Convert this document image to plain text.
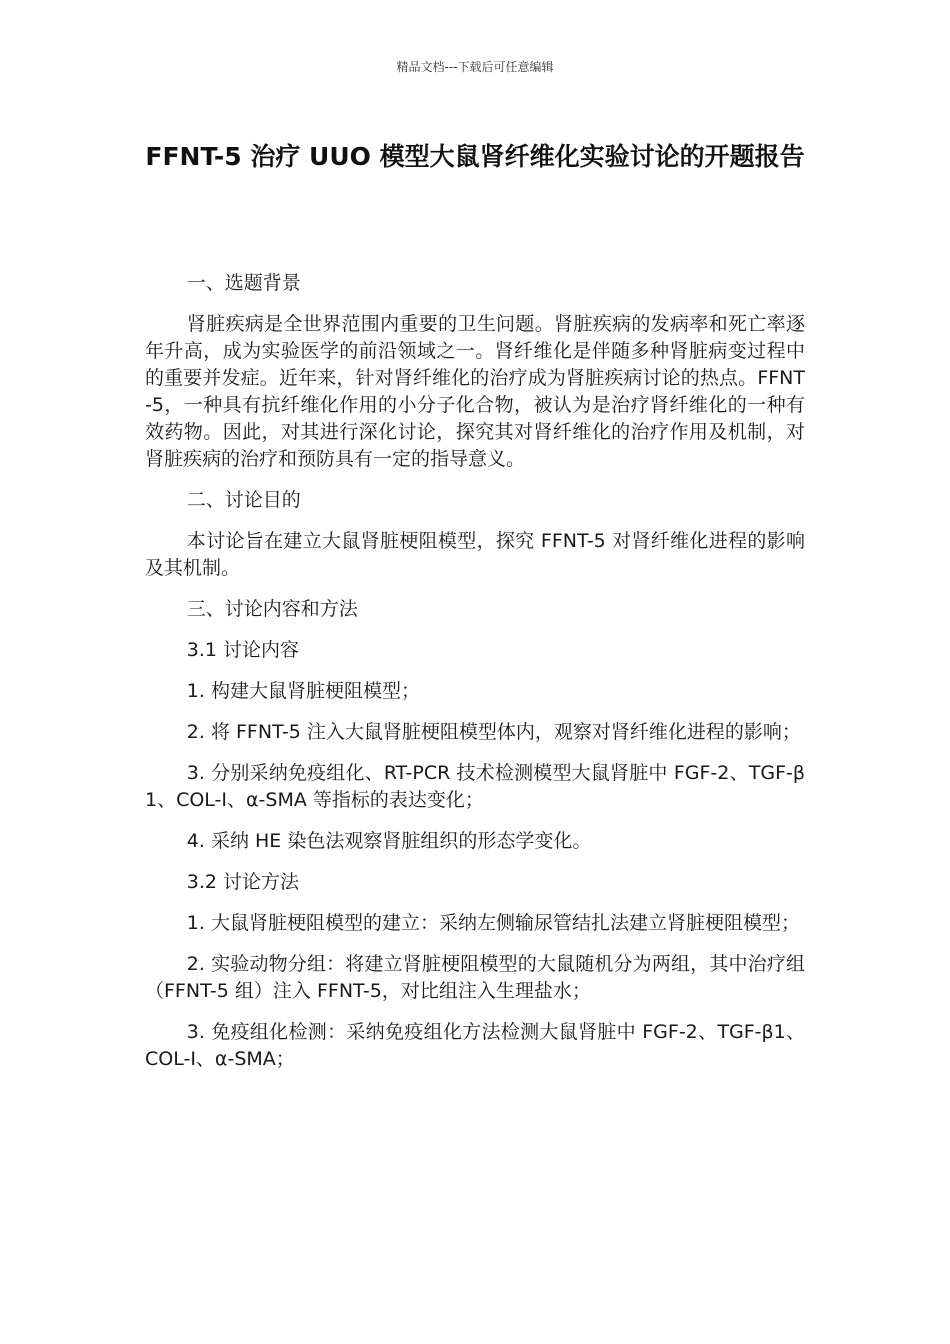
精品文档---下载后可任意编辑
FFNT-5 治疗 UUO 模型大鼠肾纤维化实验讨论的开题报告

一、选题背景

肾脏疾病是全世界范围内重要的卫生问题。肾脏疾病的发病率和死亡率逐年升高，成为实验医学的前沿领域之一。肾纤维化是伴随多种肾脏病变过程中的重要并发症。近年来，针对肾纤维化的治疗成为肾脏疾病讨论的热点。FFNT-5，一种具有抗纤维化作用的小分子化合物，被认为是治疗肾纤维化的一种有效药物。因此，对其进行深化讨论，探究其对肾纤维化的治疗作用及机制，对肾脏疾病的治疗和预防具有一定的指导意义。

二、讨论目的

本讨论旨在建立大鼠肾脏梗阻模型，探究 FFNT-5 对肾纤维化进程的影响及其机制。

三、讨论内容和方法

3.1 讨论内容

1. 构建大鼠肾脏梗阻模型；

2. 将 FFNT-5 注入大鼠肾脏梗阻模型体内，观察对肾纤维化进程的影响；

3. 分别采纳免疫组化、RT-PCR 技术检测模型大鼠肾脏中 FGF-2、TGF-β1、COL-I、α-SMA 等指标的表达变化；

4. 采纳 HE 染色法观察肾脏组织的形态学变化。

3.2 讨论方法

1. 大鼠肾脏梗阻模型的建立：采纳左侧输尿管结扎法建立肾脏梗阻模型；

2. 实验动物分组：将建立肾脏梗阻模型的大鼠随机分为两组，其中治疗组（FFNT-5 组）注入 FFNT-5，对比组注入生理盐水；

3. 免疫组化检测：采纳免疫组化方法检测大鼠肾脏中 FGF-2、TGF-β1、COL-I、α-SMA；
